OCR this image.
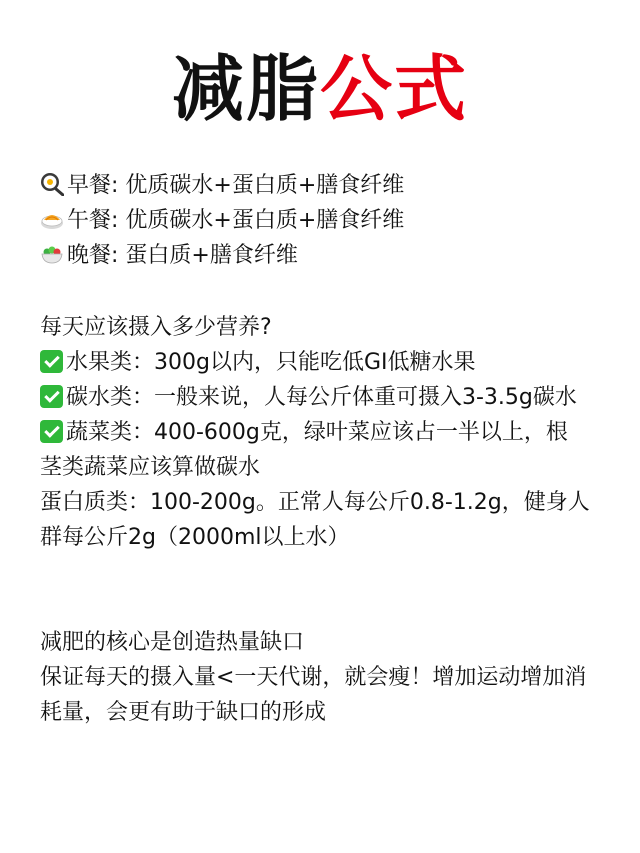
减脂公式
早餐: 优质碳水+蛋白质+膳食纤维
午餐: 优质碳水+蛋白质+膳食纤维
晚餐: 蛋白质+膳食纤维
每天应该摄入多少营养?
水果类：300g以内，只能吃低GI低糖水果
碳水类：一般来说，人每公斤体重可摄入3-3.5g碳水
蔬菜类：400-600g克，绿叶菜应该占一半以上，根茎类蔬菜应该算做碳水
蛋白质类：100-200g。正常人每公斤0.8-1.2g，健身人群每公斤2g（2000ml以上水）
减肥的核心是创造热量缺口
保证每天的摄入量<一天代谢，就会瘦！增加运动增加消耗量，会更有助于缺口的形成
